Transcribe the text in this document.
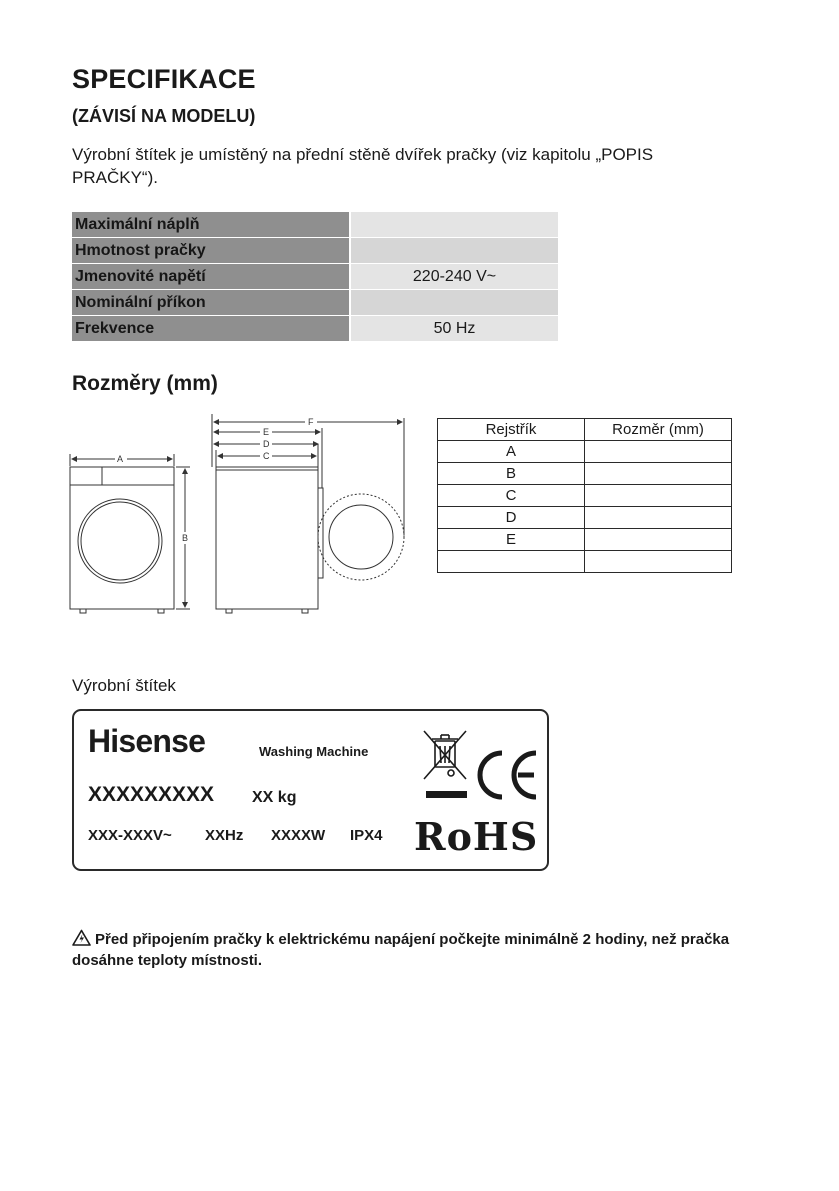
SPECIFIKACE
(ZÁVISÍ NA MODELU)
Výrobní štítek je umístěný na přední stěně dvířek pračky (viz kapitolu „POPIS PRAČKY“).
Maximální náplň	
Hmotnost pračky	
Jmenovité napětí	220-240 V~
Nominální příkon	
Frekvence	50 Hz
Rozměry (mm)
A
B
F
E
D
C
Rejstřík	Rozměr (mm)
A	
B	
C	
D	
E	

Výrobní štítek
Hisense	Washing Machine
XXXXXXXXX XX kg
XXX-XXXV~ XXHz XXXXW IPX4 RoHS
CE
Před připojením pračky k elektrickému napájení počkejte minimálně 2 hodiny, než pračka dosáhne teploty místnosti.
